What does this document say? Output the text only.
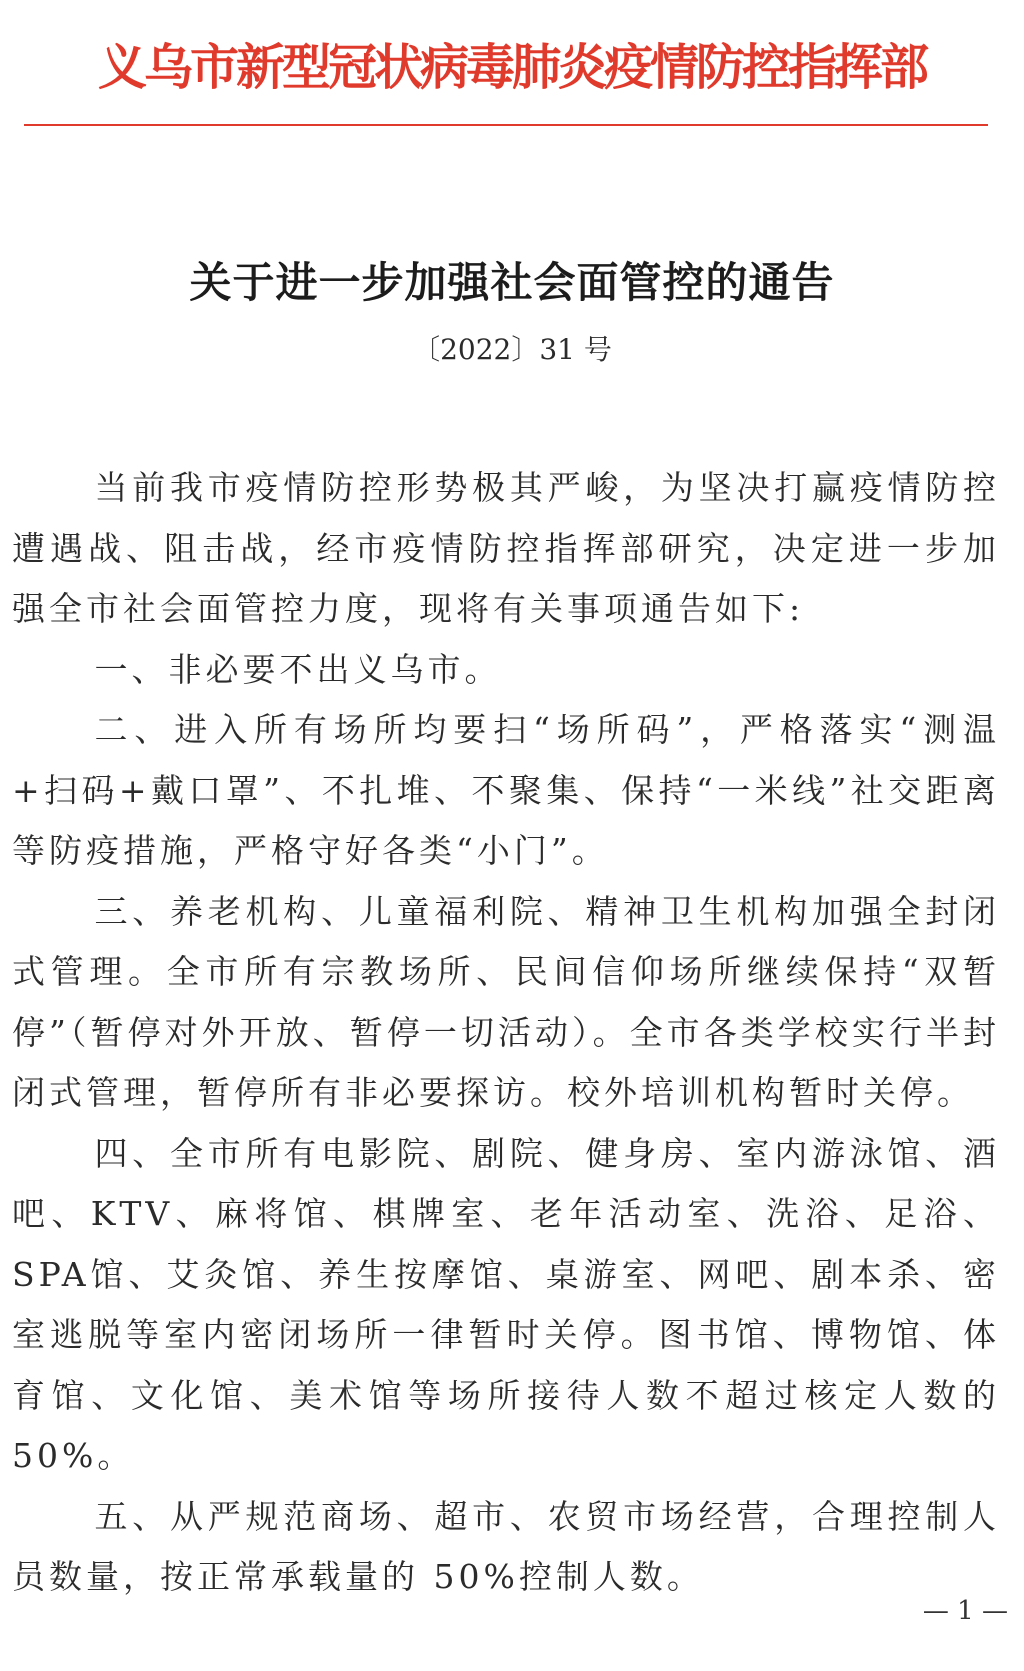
义乌市新型冠状病毒肺炎疫情防控指挥部
关于进一步加强社会面管控的通告
〔2022〕31 号

当前我市疫情防控形势极其严峻，为坚决打赢疫情防控遭遇战、阻击战，经市疫情防控指挥部研究，决定进一步加强全市社会面管控力度，现将有关事项通告如下:

一、非必要不出义乌市。

二、进入所有场所均要扫“场所码”，严格落实“测温+扫码+戴口罩”、不扎堆、不聚集、保持“一米线”社交距离等防疫措施，严格守好各类“小门”。

三、养老机构、儿童福利院、精神卫生机构加强全封闭式管理。全市所有宗教场所、民间信仰场所继续保持“双暂停”（暂停对外开放、暂停一切活动）。全市各类学校实行半封闭式管理，暂停所有非必要探访。校外培训机构暂时关停。

四、全市所有电影院、剧院、健身房、室内游泳馆、酒吧、KTV、麻将馆、棋牌室、老年活动室、洗浴、足浴、SPA馆、艾灸馆、养生按摩馆、桌游室、网吧、剧本杀、密室逃脱等室内密闭场所一律暂时关停。图书馆、博物馆、体育馆、文化馆、美术馆等场所接待人数不超过核定人数的 50%。

五、从严规范商场、超市、农贸市场经营，合理控制人员数量，按正常承载量的 50%控制人数。

— 1 —
